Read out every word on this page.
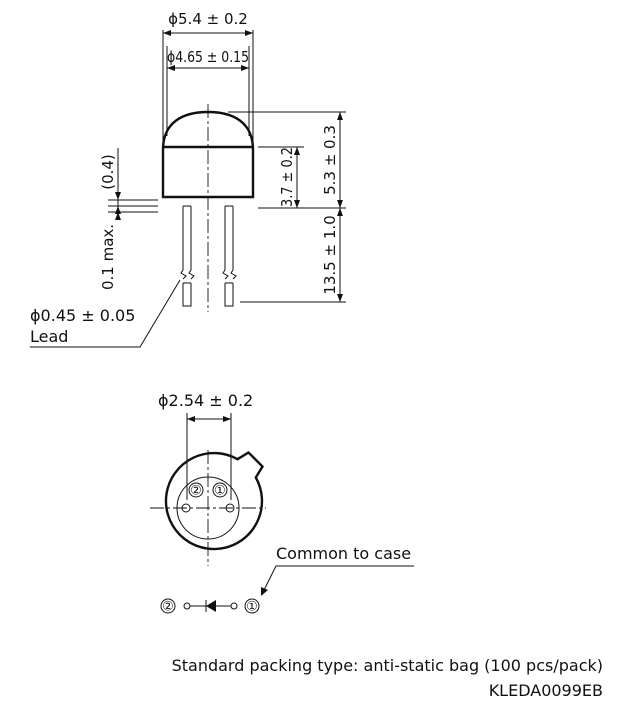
ϕ5.4 ± 0.2
ϕ4.65 ± 0.15
3.7 ± 0.2 5.3 ± 0.3
13.5 ± 1.0
(0.4)
0.1 max.
ϕ0.45 ± 0.05
Lead
ϕ2.54 ± 0.2
② ①
Common to case
②	①
Standard packing type: anti-static bag (100 pcs/pack)
KLEDA0099EB
